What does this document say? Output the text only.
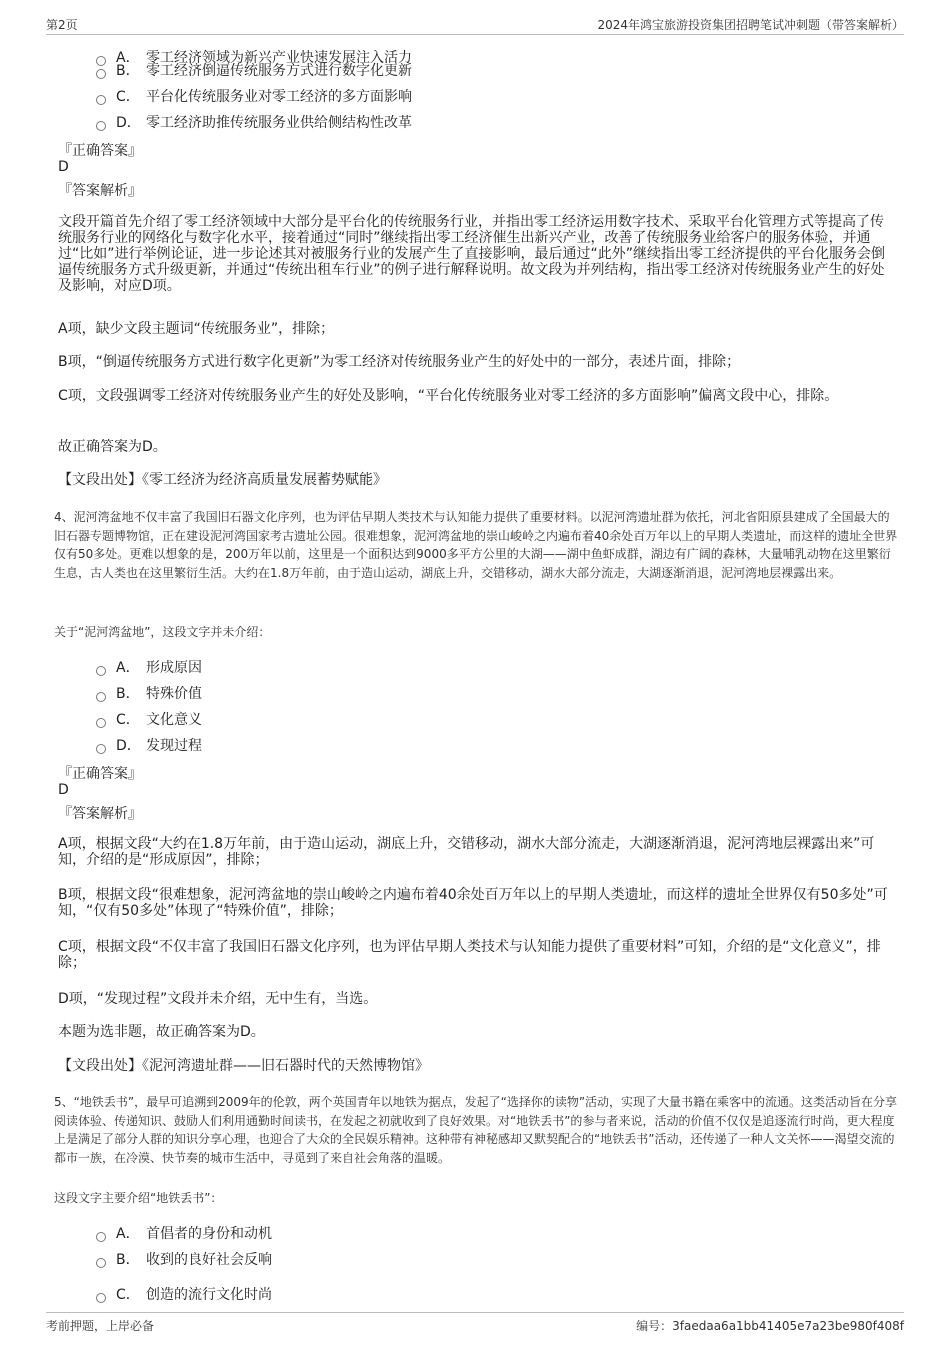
第2页	2024年鸿宝旅游投资集团招聘笔试冲刺题（带答案解析）
A． 零工经济领域为新兴产业快速发展注入活力
B． 零工经济倒逼传统服务方式进行数字化更新
C． 平台化传统服务业对零工经济的多方面影响
D． 零工经济助推传统服务业供给侧结构性改革
『正确答案』
D
『答案解析』
文段开篇首先介绍了零工经济领域中大部分是平台化的传统服务行业，并指出零工经济运用数字技术、采取平台化管理方式等提高了传统服务行业的网络化与数字化水平，接着通过“同时”继续指出零工经济催生出新兴产业，改善了传统服务业给客户的服务体验，并通过“比如”进行举例论证，进一步论述其对被服务行业的发展产生了直接影响，最后通过“此外”继续指出零工经济提供的平台化服务会倒逼传统服务方式升级更新，并通过“传统出租车行业”的例子进行解释说明。故文段为并列结构，指出零工经济对传统服务业产生的好处及影响，对应D项。
A项，缺少文段主题词“传统服务业”，排除；
B项，“倒逼传统服务方式进行数字化更新”为零工经济对传统服务业产生的好处中的一部分，表述片面，排除；
C项，文段强调零工经济对传统服务业产生的好处及影响，“平台化传统服务业对零工经济的多方面影响”偏离文段中心，排除。
故正确答案为D。
【文段出处】《零工经济为经济高质量发展蓄势赋能》
4、泥河湾盆地不仅丰富了我国旧石器文化序列，也为评估早期人类技术与认知能力提供了重要材料。以泥河湾遗址群为依托，河北省阳原县建成了全国最大的旧石器专题博物馆，正在建设泥河湾国家考古遗址公园。很难想象，泥河湾盆地的崇山峻岭之内遍布着40余处百万年以上的早期人类遗址，而这样的遗址全世界仅有50多处。更难以想象的是，200万年以前，这里是一个面积达到9000多平方公里的大湖——湖中鱼虾成群，湖边有广阔的森林，大量哺乳动物在这里繁衍生息，古人类也在这里繁衍生活。大约在1.8万年前，由于造山运动，湖底上升，交错移动，湖水大部分流走，大湖逐渐消退，泥河湾地层裸露出来。
关于“泥河湾盆地”，这段文字并未介绍：
A． 形成原因
B． 特殊价值
C． 文化意义
D． 发现过程
『正确答案』
D
『答案解析』
A项，根据文段“大约在1.8万年前，由于造山运动，湖底上升，交错移动，湖水大部分流走，大湖逐渐消退，泥河湾地层裸露出来”可知，介绍的是“形成原因”，排除；
B项，根据文段“很难想象，泥河湾盆地的崇山峻岭之内遍布着40余处百万年以上的早期人类遗址，而这样的遗址全世界仅有50多处”可知，“仅有50多处”体现了“特殊价值”，排除；
C项，根据文段“不仅丰富了我国旧石器文化序列，也为评估早期人类技术与认知能力提供了重要材料”可知，介绍的是“文化意义”，排除；
D项，“发现过程”文段并未介绍，无中生有，当选。
本题为选非题，故正确答案为D。
【文段出处】《泥河湾遗址群——旧石器时代的天然博物馆》
5、“地铁丢书”，最早可追溯到2009年的伦敦，两个英国青年以地铁为据点，发起了“选择你的读物”活动，实现了大量书籍在乘客中的流通。这类活动旨在分享阅读体验、传递知识、鼓励人们利用通勤时间读书，在发起之初就收到了良好效果。对“地铁丢书”的参与者来说，活动的价值不仅仅是追逐流行时尚，更大程度上是满足了部分人群的知识分享心理，也迎合了大众的全民娱乐精神。这种带有神秘感却又默契配合的“地铁丢书”活动，还传递了一种人文关怀——渴望交流的都市一族，在冷漠、快节奏的城市生活中，寻觅到了来自社会角落的温暖。
这段文字主要介绍“地铁丢书”：
A． 首倡者的身份和动机
B． 收到的良好社会反响
C． 创造的流行文化时尚
考前押题，上岸必备	编号：3faedaa6a1bb41405e7a23be980f408f
